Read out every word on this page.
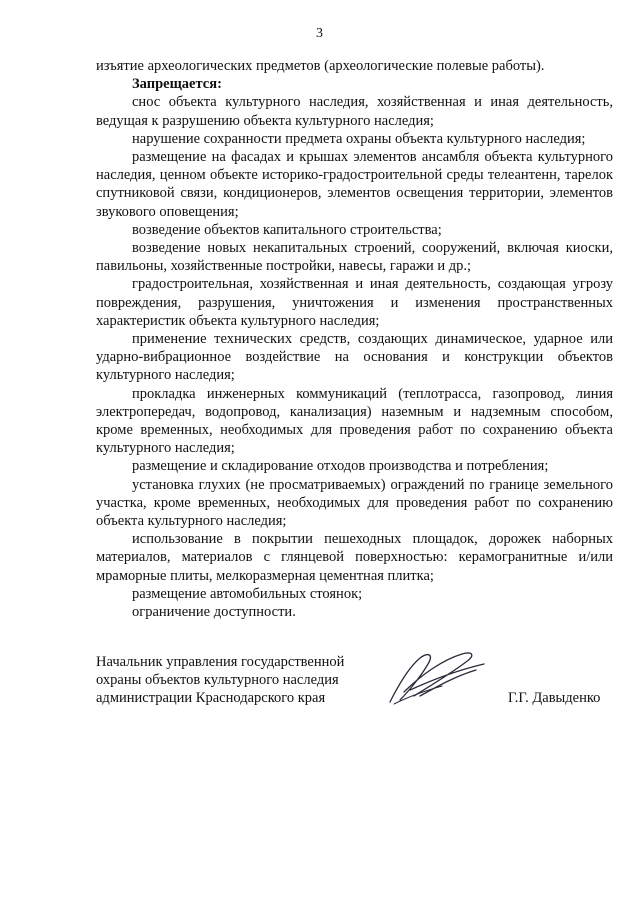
3

изъятие археологических предметов (археологические полевые работы).

Запрещается:

снос объекта культурного наследия, хозяйственная и иная деятельность, ведущая к разрушению объекта культурного наследия;

нарушение сохранности предмета охраны объекта культурного наследия;

размещение на фасадах и крышах элементов ансамбля объекта культурного наследия, ценном объекте историко-градостроительной среды телеантенн, тарелок спутниковой связи, кондиционеров, элементов освещения территории, элементов звукового оповещения;

возведение объектов капитального строительства;

возведение новых некапитальных строений, сооружений, включая киоски, павильоны, хозяйственные постройки, навесы, гаражи и др.;

градостроительная, хозяйственная и иная деятельность, создающая угрозу повреждения, разрушения, уничтожения и изменения пространственных характеристик объекта культурного наследия;

применение технических средств, создающих динамическое, ударное или ударно-вибрационное воздействие на основания и конструкции объектов культурного наследия;

прокладка инженерных коммуникаций (теплотрасса, газопровод, линия электропередач, водопровод, канализация) наземным и надземным способом, кроме временных, необходимых для проведения работ по сохранению объекта культурного наследия;

размещение и складирование отходов производства и потребления;

установка глухих (не просматриваемых) ограждений по границе земельного участка, кроме временных, необходимых для проведения работ по сохранению объекта культурного наследия;

использование в покрытии пешеходных площадок, дорожек наборных материалов, материалов с глянцевой поверхностью: керамогранитные и/или мраморные плиты, мелкоразмерная цементная плитка;

размещение автомобильных стоянок;

ограничение доступности.

Начальник управления государственной
охраны объектов культурного наследия
администрации Краснодарского края	Г.Г. Давыденко
